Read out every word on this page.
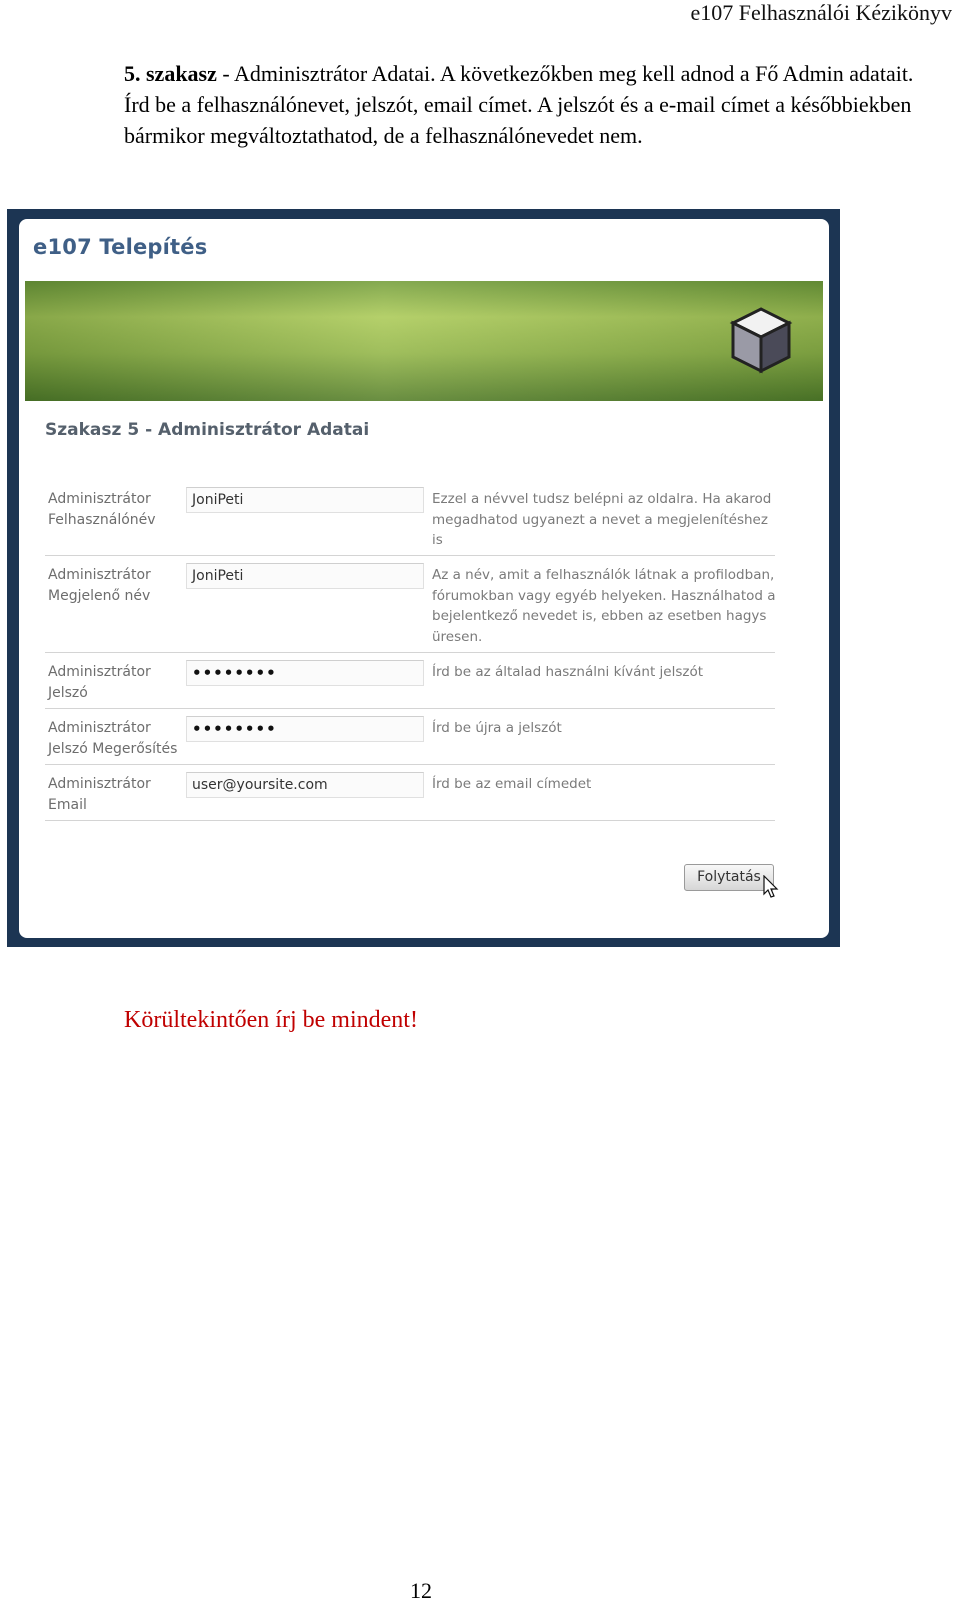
e107 Felhasználói Kézikönyv
5. szakasz - Adminisztrátor Adatai. A következőkben meg kell adnod a Fő Admin adatait. Írd be a felhasználónevet, jelszót, email címet. A jelszót és a e-mail címet a későbbiekben bármikor megváltoztathatod, de a felhasználónevedet nem.
e107 Telepítés
Szakasz 5 - Adminisztrátor Adatai
Adminisztrátor
Felhasználónév
JoniPeti	Ezzel a névvel tudsz belépni az oldalra. Ha akarod megadhatod ugyanezt a nevet a megjelenítéshez is
Adminisztrátor
Megjelenő név
JoniPeti	Az a név, amit a felhasználók látnak a profilodban, fórumokban vagy egyéb helyeken. Használhatod a bejelentkező nevedet is, ebben az esetben hagys üresen.
Adminisztrátor
Jelszó
••••••••	Írd be az általad használni kívánt jelszót
Adminisztrátor
Jelszó Megerősítés
••••••••	Írd be újra a jelszót
Adminisztrátor
Email
user@yoursite.com	Írd be az email címedet
Folytatás
Körültekintően írj be mindent!
12
